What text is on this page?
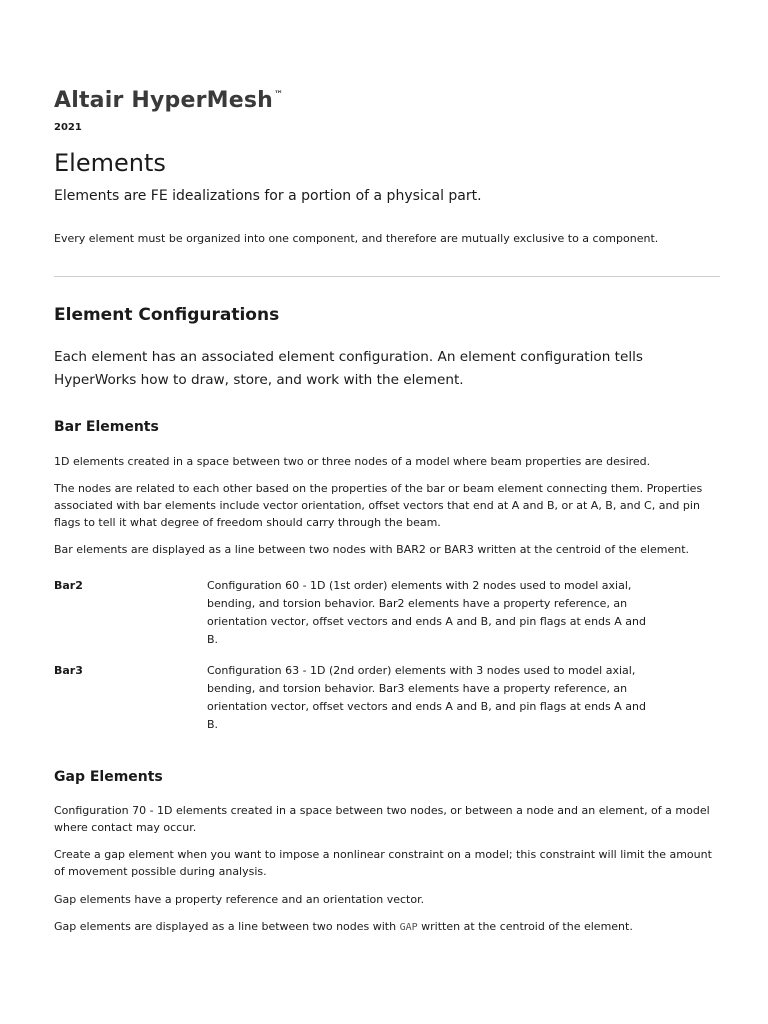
Altair HyperMesh™
2021
Elements

Elements are FE idealizations for a portion of a physical part.

Every element must be organized into one component, and therefore are mutually exclusive to a component.

Element Configurations

Each element has an associated element configuration. An element configuration tells HyperWorks how to draw, store, and work with the element.

Bar Elements

1D elements created in a space between two or three nodes of a model where beam properties are desired.

The nodes are related to each other based on the properties of the bar or beam element connecting them. Properties associated with bar elements include vector orientation, offset vectors that end at A and B, or at A, B, and C, and pin flags to tell it what degree of freedom should carry through the beam.

Bar elements are displayed as a line between two nodes with BAR2 or BAR3 written at the centroid of the element.

Bar2	Configuration 60 - 1D (1st order) elements with 2 nodes used to model axial, bending, and torsion behavior. Bar2 elements have a property reference, an orientation vector, offset vectors and ends A and B, and pin flags at ends A and B.
Bar3	Configuration 63 - 1D (2nd order) elements with 3 nodes used to model axial, bending, and torsion behavior. Bar3 elements have a property reference, an orientation vector, offset vectors and ends A and B, and pin flags at ends A and B.
Gap Elements

Configuration 70 - 1D elements created in a space between two nodes, or between a node and an element, of a model where contact may occur.

Create a gap element when you want to impose a nonlinear constraint on a model; this constraint will limit the amount of movement possible during analysis.

Gap elements have a property reference and an orientation vector.

Gap elements are displayed as a line between two nodes with GAP written at the centroid of the element.
